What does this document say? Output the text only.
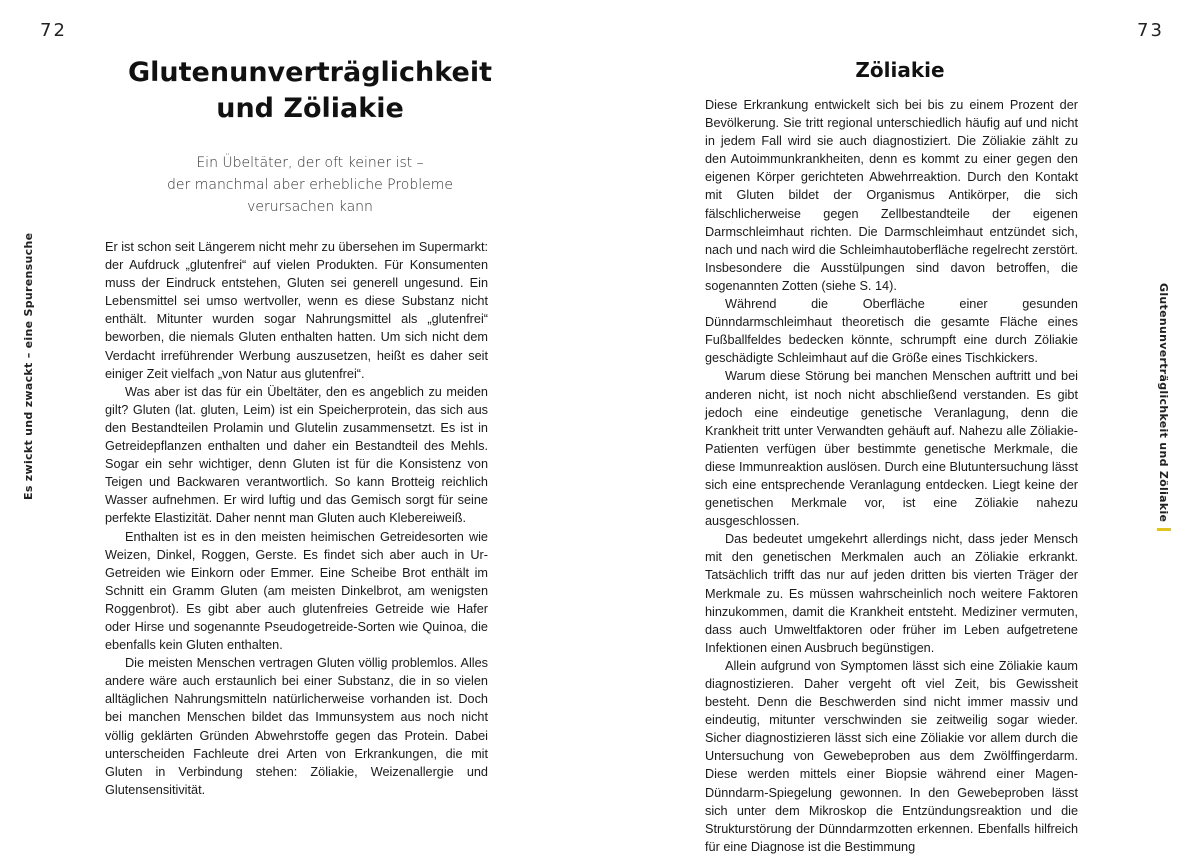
72
Es zwickt und zwackt – eine Spurensuche
Glutenunverträglichkeit
und Zöliakie

Ein Übeltäter, der oft keiner ist –
der manchmal aber erhebliche Probleme
verursachen kann

Er ist schon seit Längerem nicht mehr zu übersehen im Supermarkt: der Aufdruck „glutenfrei“ auf vielen Produkten. Für Konsumenten muss der Eindruck entstehen, Gluten sei generell ungesund. Ein Lebensmittel sei umso wertvoller, wenn es diese Substanz nicht enthält. Mitunter wurden sogar Nahrungsmittel als „glutenfrei“ beworben, die niemals Gluten enthalten hatten. Um sich nicht dem Verdacht irreführender Werbung auszusetzen, heißt es daher seit einiger Zeit vielfach „von Natur aus glutenfrei“.

Was aber ist das für ein Übeltäter, den es angeblich zu meiden gilt? Gluten (lat. gluten, Leim) ist ein Speicherprotein, das sich aus den Bestandteilen Prolamin und Glutelin zusammensetzt. Es ist in Getreidepflanzen enthalten und daher ein Bestandteil des Mehls. Sogar ein sehr wichtiger, denn Gluten ist für die Konsistenz von Teigen und Backwaren verantwortlich. So kann Brotteig reichlich Wasser aufnehmen. Er wird luftig und das Gemisch sorgt für seine perfekte Elastizität. Daher nennt man Gluten auch Klebereiweiß.

Enthalten ist es in den meisten heimischen Getreidesorten wie Weizen, Dinkel, Roggen, Gerste. Es findet sich aber auch in Ur-Getreiden wie Einkorn oder Emmer. Eine Scheibe Brot enthält im Schnitt ein Gramm Gluten (am meisten Dinkelbrot, am wenigsten Roggenbrot). Es gibt aber auch glutenfreies Getreide wie Hafer oder Hirse und sogenannte Pseudogetreide-Sorten wie Quinoa, die ebenfalls kein Gluten enthalten.

Die meisten Menschen vertragen Gluten völlig problemlos. Alles andere wäre auch erstaunlich bei einer Substanz, die in so vielen alltäglichen Nahrungsmitteln natürlicherweise vorhanden ist. Doch bei manchen Menschen bildet das Immunsystem aus noch nicht völlig geklärten Gründen Abwehrstoffe gegen das Protein. Dabei unterscheiden Fachleute drei Arten von Erkrankungen, die mit Gluten in Verbindung stehen: Zöliakie, Weizenallergie und Glutensensitivität.

73
Zöliakie

Diese Erkrankung entwickelt sich bei bis zu einem Prozent der Bevölkerung. Sie tritt regional unterschiedlich häufig auf und nicht in jedem Fall wird sie auch diagnostiziert. Die Zöliakie zählt zu den Autoimmunkrankheiten, denn es kommt zu einer gegen den eigenen Körper gerichteten Abwehrreaktion. Durch den Kontakt mit Gluten bildet der Organismus Antikörper, die sich fälschlicherweise gegen Zellbestandteile der eigenen Darmschleimhaut richten. Die Darmschleimhaut entzündet sich, nach und nach wird die Schleimhautoberfläche regelrecht zerstört. Insbesondere die Ausstülpungen sind davon betroffen, die sogenannten Zotten (siehe S. 14).

Während die Oberfläche einer gesunden Dünndarmschleimhaut theoretisch die gesamte Fläche eines Fußballfeldes bedecken könnte, schrumpft eine durch Zöliakie geschädigte Schleimhaut auf die Größe eines Tischkickers.

Warum diese Störung bei manchen Menschen auftritt und bei anderen nicht, ist noch nicht abschließend verstanden. Es gibt jedoch eine eindeutige genetische Veranlagung, denn die Krankheit tritt unter Verwandten gehäuft auf. Nahezu alle Zöliakie-Patienten verfügen über bestimmte genetische Merkmale, die diese Immunreaktion auslösen. Durch eine Blutuntersuchung lässt sich eine entsprechende Veranlagung entdecken. Liegt keine der genetischen Merkmale vor, ist eine Zöliakie nahezu ausgeschlossen.

Das bedeutet umgekehrt allerdings nicht, dass jeder Mensch mit den genetischen Merkmalen auch an Zöliakie erkrankt. Tatsächlich trifft das nur auf jeden dritten bis vierten Träger der Merkmale zu. Es müssen wahrscheinlich noch weitere Faktoren hinzukommen, damit die Krankheit entsteht. Mediziner vermuten, dass auch Umweltfaktoren oder früher im Leben aufgetretene Infektionen einen Ausbruch begünstigen.

Allein aufgrund von Symptomen lässt sich eine Zöliakie kaum diagnostizieren. Daher vergeht oft viel Zeit, bis Gewissheit besteht. Denn die Beschwerden sind nicht immer massiv und eindeutig, mitunter verschwinden sie zeitweilig sogar wieder. Sicher diagnostizieren lässt sich eine Zöliakie vor allem durch die Untersuchung von Gewebeproben aus dem Zwölffingerdarm. Diese werden mittels einer Biopsie während einer Magen-Dünndarm-Spiegelung gewonnen. In den Gewebeproben lässt sich unter dem Mikroskop die Entzündungsreaktion und die Strukturstörung der Dünndarmzotten erkennen. Ebenfalls hilfreich für eine Diagnose ist die Bestimmung

Glutenunverträglichkeit und Zöliakie
